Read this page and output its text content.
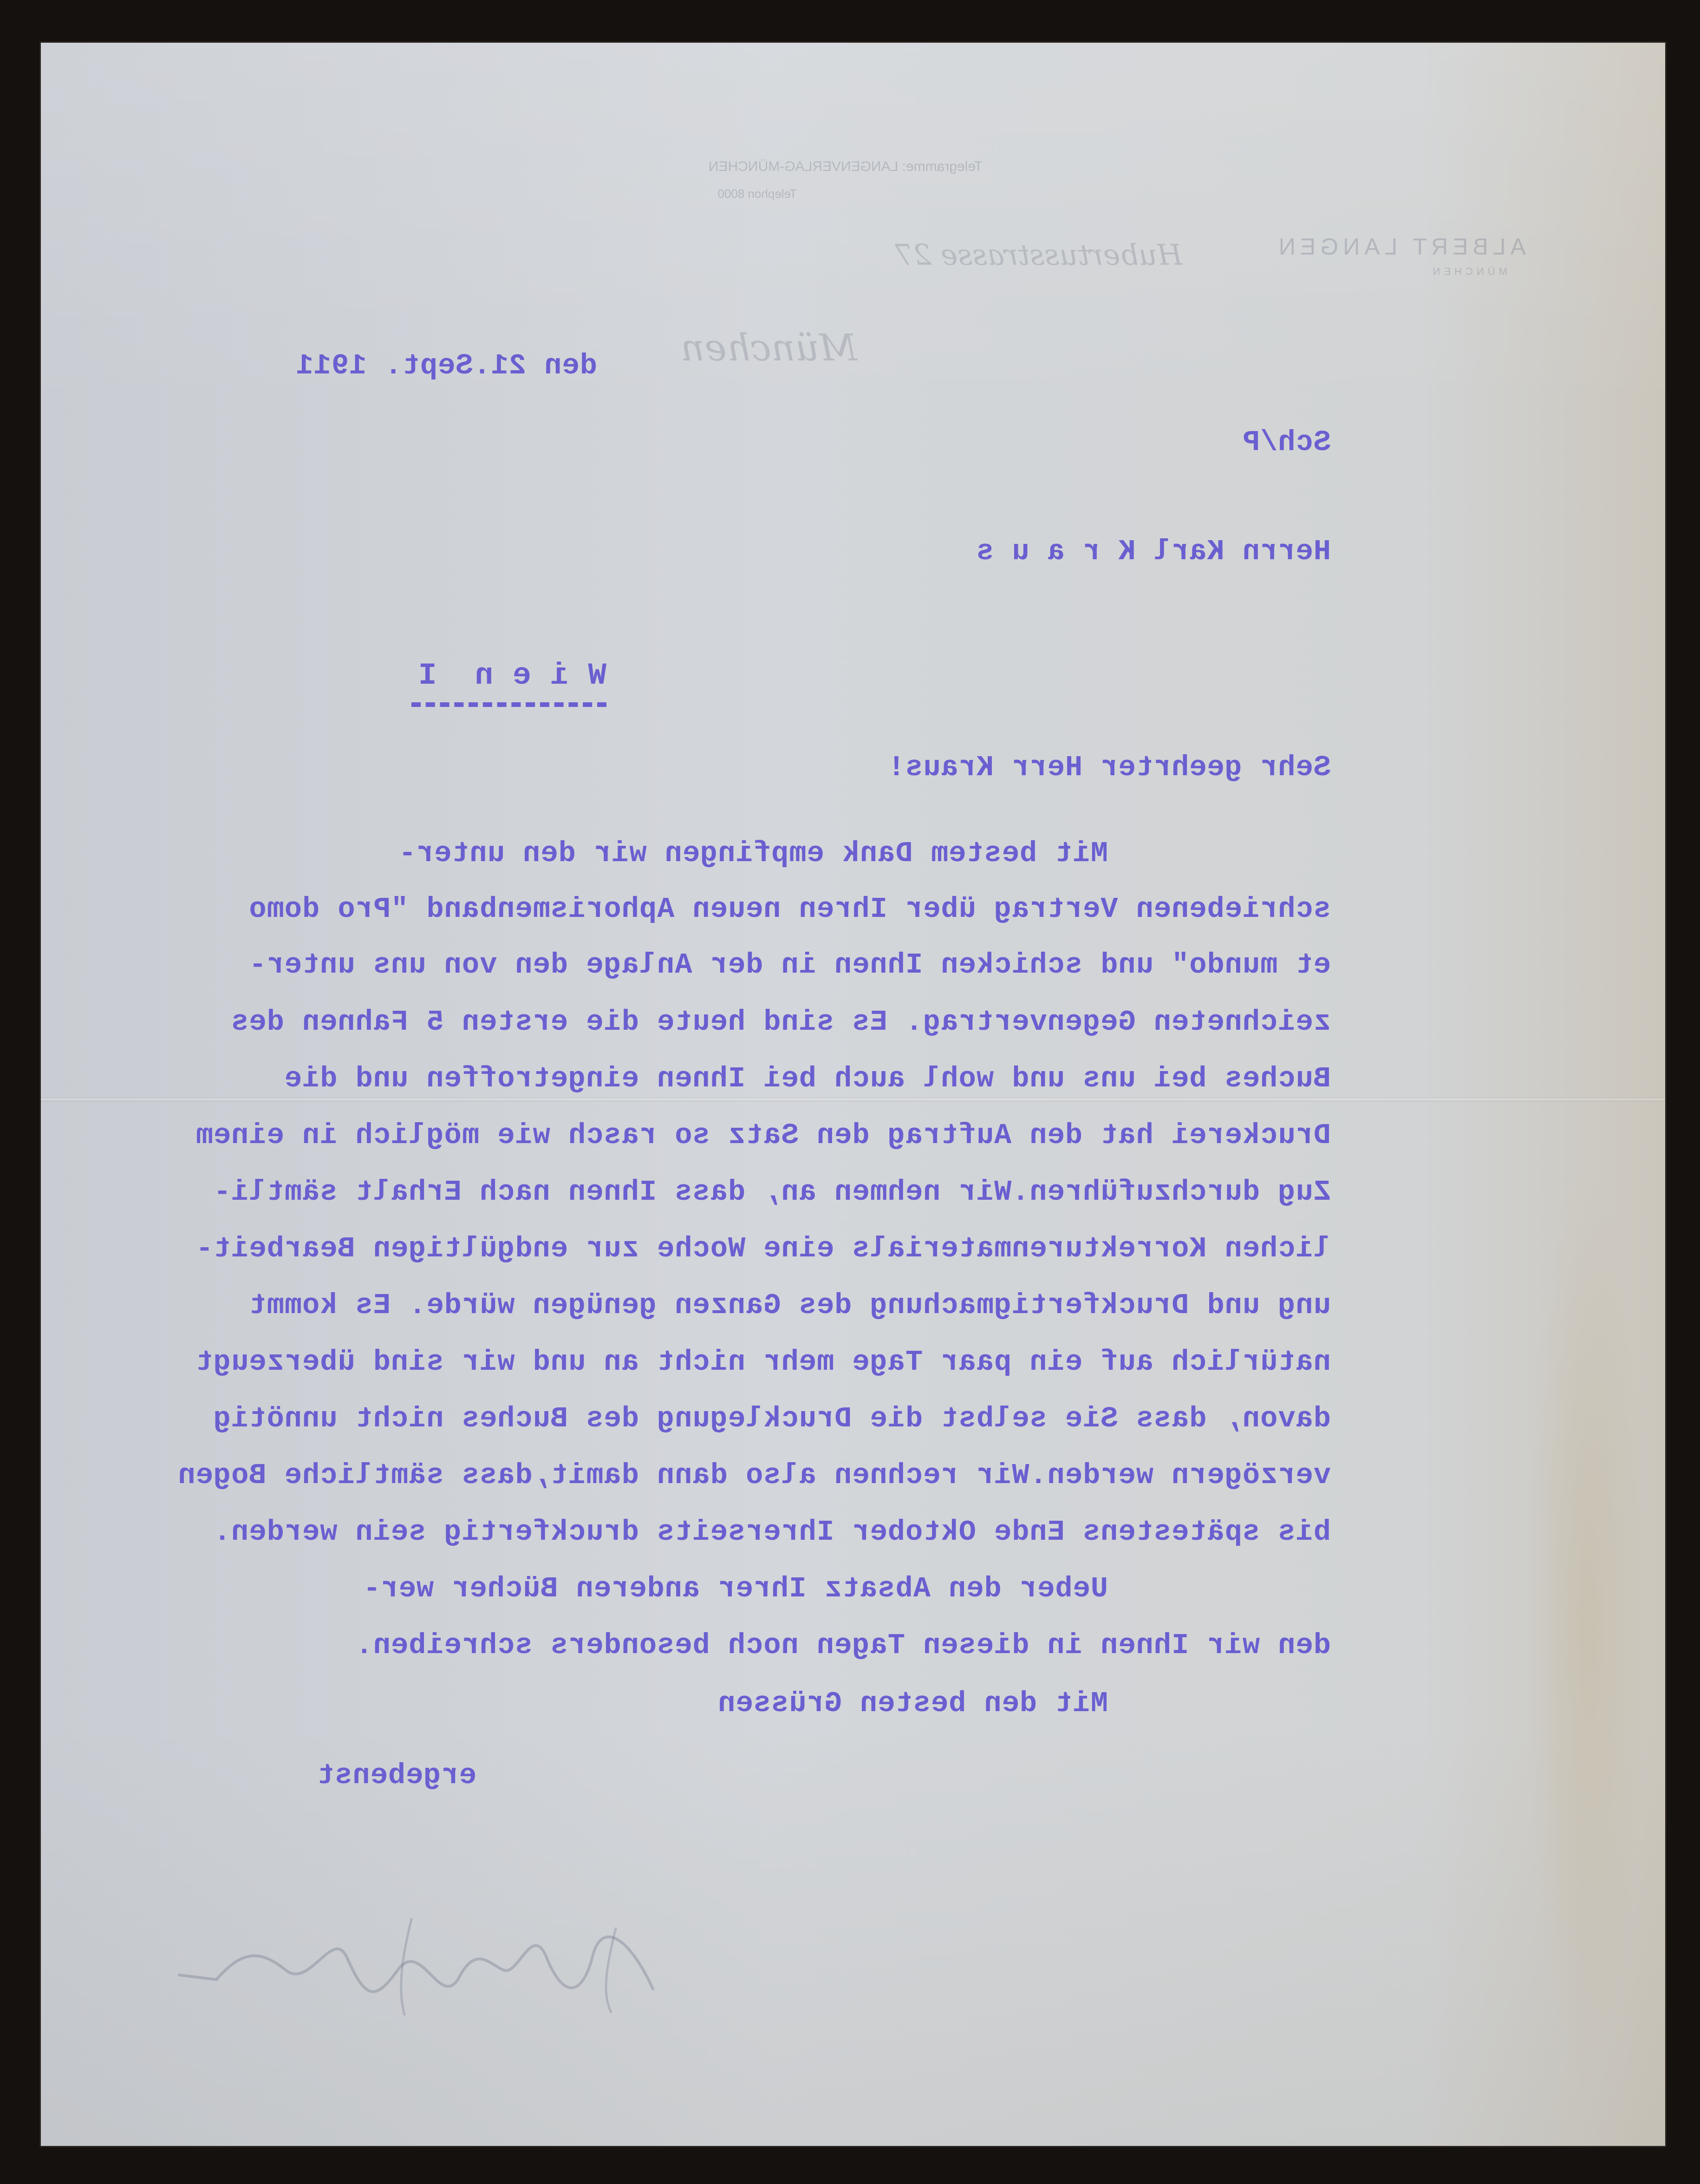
Telegramme: LANGENVERLAG-MÜNCHEN
Telephon 8000
ALBERT LANGEN
MÜNCHEN
Hubertusstrasse 27
München
den 21.Sept. 1911
Sch/P
Herrn Karl K r a u s
W i e n  I
Sehr geehrter Herr Kraus!
Mit bestem Dank empfingen wir den unter-
schriebenen Vertrag über Ihren neuen Aphorismenband "Pro domo
et mundo" und schicken Ihnen in der Anlage den von uns unter-
zeichneten Gegenvertrag. Es sind heute die ersten 5 Fahnen des
Buches bei uns und wohl auch bei Ihnen eingetroffen und die
Druckerei hat den Auftrag den Satz so rasch wie möglich in einem
Zug durchzuführen.Wir nehmen an, dass Ihnen nach Erhalt sämtli-
lichen Korrekturenmaterials eine Woche zur endgültigen Bearbeit-
ung und Druckfertigmachung des Ganzen genügen würde. Es kommt
natürlich auf ein paar Tage mehr nicht an und wir sind überzeugt
davon, dass Sie selbst die Drucklegung des Buches nicht unnötig
verzögern werden.Wir rechnen also dann damit,dass sämtliche Bogen
bis spätestens Ende Oktober Ihrerseits druckfertig sein werden.
Ueber den Absatz Ihrer anderen Bücher wer-
den wir Ihnen in diesen Tagen noch besonders schreiben.
Mit den besten Grüssen
ergebenst
